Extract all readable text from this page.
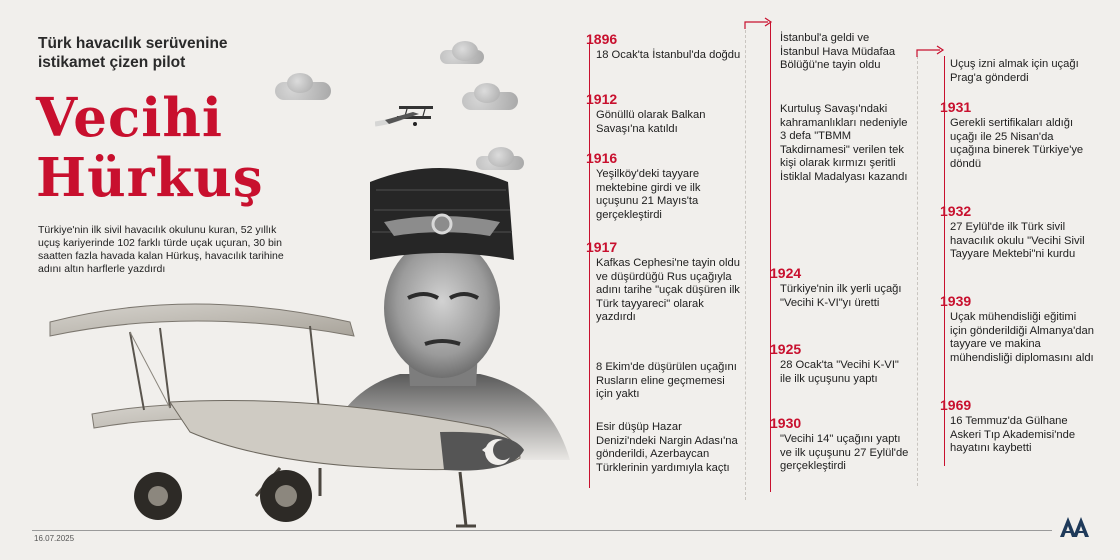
Türk havacılık serüvenine istikamet çizen pilot
Vecihi
Hürkuş
Türkiye'nin ilk sivil havacılık okulunu kuran, 52 yıllık uçuş kariyerinde 102 farklı türde uçak uçuran, 30 bin saatten fazla havada kalan Hürkuş, havacılık tarihine adını altın harflerle yazdırdı
1896
18 Ocak'ta İstanbul'da doğdu
1912
Gönüllü olarak Balkan Savaşı'na katıldı
1916
Yeşilköy'deki tayyare mektebine girdi ve ilk uçuşunu 21 Mayıs'ta gerçekleştirdi
1917
Kafkas Cephesi'ne tayin oldu ve düşürdüğü Rus uçağıyla adını tarihe "uçak düşüren ilk Türk tayyareci" olarak yazdırdı
8 Ekim'de düşürülen uçağını Rusların eline geçmemesi için yaktı
Esir düşüp Hazar Denizi'ndeki Nargin Adası'na gönderildi, Azerbaycan Türklerinin yardımıyla kaçtı
İstanbul'a geldi ve İstanbul Hava Müdafaa Bölüğü'ne tayin oldu
Kurtuluş Savaşı'ndaki kahramanlıkları nedeniyle 3 defa "TBMM Takdirnamesi" verilen tek kişi olarak kırmızı şeritli İstiklal Madalyası kazandı
1924
Türkiye'nin ilk yerli uçağı "Vecihi K-VI"yı üretti
1925
28 Ocak'ta "Vecihi K-VI" ile ilk uçuşunu yaptı
1930
"Vecihi 14" uçağını yaptı ve ilk uçuşunu 27 Eylül'de gerçekleştirdi
Uçuş izni almak için uçağı Prag'a gönderdi
1931
Gerekli sertifikaları aldığı uçağı ile 25 Nisan'da uçağına binerek Türkiye'ye döndü
1932
27 Eylül'de ilk Türk sivil havacılık okulu "Vecihi Sivil Tayyare Mektebi"ni kurdu
1939
Uçak mühendisliği eğitimi için gönderildiği Almanya'dan tayyare ve makina mühendisliği diplomasını aldı
1969
16 Temmuz'da Gülhane Askeri Tıp Akademisi'nde hayatını kaybetti
16.07.2025
